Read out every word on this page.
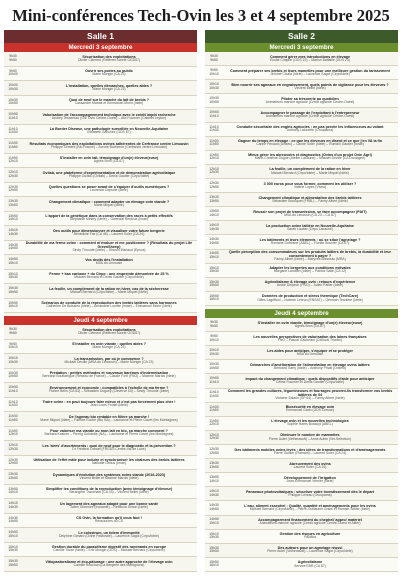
Mini-conférences Tech-Ovin les 3 et 4 septembre 2025
Salle 1
Mercredi 3 septembre
9h30
9h50
Sécurisation des exploitations
Olivier Clément (Référent sûreté GGD87)
9h50
10h00
Ouvrir ses portes au public
Marie Mongin (CA 23)
10h00
10h30
L'installation, quelles démarches, quelles aides ?
Marie Mongin (CA 23)
10h30
10h50
Quoi de neuf sur le marché du lait de brebis ?
Cassandre Matras et Emmanuel Morin (Idele)
10h50
11h10
Valorisation de l'accompagnement technique avec le crédit impôt recherche
Audrey Tessereau (GIE Ovin Centre-Ouest) – Alix Fournier (Cabinet Leyton)
11h10
11h30
La Border Disease, une pathologie surveillée en Nouvelle-Aquitaine
Elisabeth Sanchez (GDS 87)
11h30
11h50
Résultats économiques des exploitations ovines adhérentes de Cerfrance centre Limousin
Philippe Climent (Bio France) – Aurore Bucheron (Cerfrance centre Limousin)
11h50
12h10
S'installer en ovin lait, témoignage d'un(e) éleveur(euse)
Agnès Brun (CA 87)
12h10
12h30
Ovilab, une plateforme d'expérimentation et de démonstration agrivoltaïque
Philippe Guillou (Ovilab) – Denis Gautier (Cirpo/Idele)
12h30
12h50
Quelles questions se poser avant de s'équiper d'outils numériques ?
Laurence Depuille (Idele)
13h30
13h50
Changement climatique : comment adapter un élevage ovin viande ?
Marie Miquel (Idele)
13h50
14h10
L'apport de la génétique dans la conservation des races à petits effectifs
Stéphanie Minery (Idele) – Gwendal Restoux (Inrae)
14h10
14h30
Des outils pour dimensionner et visualiser votre future bergerie
Bénédicte Fax (CA 46) – Laurent Soler (CA 24)
14h30
14h50
Durabilité de ma ferme ovine : comment m'évaluer et me positionner ? (Résultats du projet Life GreenSheep)
Sindy Throude (Idele) – Sharon Marlaud (Epsos)
14h50
15h10
Vos droits dès l'installation
MSA du Limousin
15h10
15h30
Ferme + bas carbone + du Cirpo : une empreinte démontrée de 25 %
Mickael Bernard et Denis Gautier (Cirpo/Idele)
15h30
15h50
La feuille, un complément de la ration en hiver, cas de la sécheresse
Mickael Bernard (Cirpo/Idele) – Marie Miquel (Idele)
15h50
16h10
Scénarios de conduite de la reproduction des brebis laitières sans hormones
Catherine De Boissieu (Idele) – Amandine Lurette (Inrae) – Emmanuel Morin (Idele)
Jeudi 4 septembre
9h30
9h50
Sécurisation des exploitations
Olivier Clément (Référent sûreté GGD87)
9h50
10h10
S'installer en ovin viande : quelles aides ?
Marie Mongin (CA 23)
10h10
10h30
La transmission, par où je commence ?
Mickaël Deville (MSA du Limousin) – Marie Mongin (CA 23)
10h30
10h50
Prédation : petites méthodes et nouveaux barèmes d'indemnisation
Bertrand Bouffartigue (Réseau de France) – Claude Font (FNO) – Maxime Marois (Idele)
10h50
11h10
Environnement et économie : compatibles à l'échelle de ma ferme ?
Florine Belin (CA 63) – Sébastien Duguey (Cleverve 63) – Sindy Throude (Idele)
11h10
11h30
Traire ovine : en peut toujours faire mieux et c'est pas forcément plus cher !
Jean-Louis Poulet (Idele)
11h30
11h50
De l'agneau bio rentable en filière ça marche !
Marie Miquel (Idele) – Fabrice Roche (Bio NA) – Laurianne et Pierre Gavet (les Montagnes)
11h50
12h10
Pour valoriser ma viande ou mon lait en bio, ça marche comment ?
Barbara Kastner – Pierrig Gohardie (NA) – Laurianne et Pierre Gavet (les Montagnes)
12h10
12h30
Les 'aires' d'avortements : quoi de neuf pour le diagnostic et la prévention ?
Dr Frédéric Leboef (FRGDS Centre-Val de Loire)
12h30
12h50
Utilisation de l'effet mâle pour induire et synchroniser les chaleurs des brebis laitières
Nathalie Debus (Inrae)
13h30
13h50
Dynamiques d'évolution des systèmes ovins viande (2016-2023)
Vincent Bellet et Maxime Marois (Idele)
13h50
14h10
Simplifier les conditions de la reproduction (avec témoignage d'éleveur)
Bérangère Tranchant (CA 03) – Vincent Bellet (Idele)
14h10
14h30
Un logement des agneaux adapté pour une bonne santé
Julien Gimenez (Inosanté) – Rebecca Simon (Idele)
14h30
14h50
CS Ovin, la formation qu'il vous faut !
Ressources du CS
14h50
15h10
Le colostrum, un totem d'immunité
Delphine Gimard (Ovine Pastorale) – Laurence Sagot (Cirpo/Idele)
15h10
15h30
Gestion durable du parasitisme digestif des ruminants en europe
Camille Tocze (Idele) – Éric Mongin (GDS) – Mickael Bernard (Cirpo/Idele)
15h30
15h50
Vitiopastoralisme et éco-pâturage : une autre approche de l'élevage ovin
Camille Rouchon (La Bergerie des Martignons)
Salle 2
Mercredi 3 septembre
9h30
9h50
Comment gérer mes introductions en élevage
Elodie Chapon (GDS 15) – Marion Battaille (GDS 23)
9h50
10h10
Comment préparer ses brebis et leurs mamelles pour une meilleure gestion du tarissement
Jérôme Cicala (Idele) – Laurence Sagot (Cirpo/Idele)
10h10
10h30
Bien nourrir ses agneaux en engraissement, quels points de vigilance pour les éleveurs ?
Vincent Bellet (Idele)
10h30
10h50
Piloter sa trésorerie au quotidien
Animateurs marché agricole (Crédit agricole Centre-Ouest)
10h50
11h10
Accompagner le passage de l'exploitant à l'entrepreneur
Animateurs marché agricole (Crédit agricole Centre-Ouest)
11h10
11h30
Conduite sécuritaire des engins agricoles : ne pas perdre les influenceurs au volant
Anthony Lalouette (Groupama)
11h30
11h50
Gagner du temps en élevage : ce que les éleveurs en disent et ce que j'en VA la fin
Carine Pecaud (Dinsec) – Carole Soler (Idele) – Romain Gautier (Inrae)
11h50
12h10
Mieux gérer les abreuvoirs et diagnostics (Ovins d'un projet Ovin Agri)
Marie-Christine Dugué (Atelier Lacaune) – Mickaël Deville (CA Dordogne)
12h10
12h30
La feuille, un complément de la ration en hiver
Mickael Bernard (Cirpo/Idele) – Marie Miquel (Idele)
12h30
12h50
3 000 euros pour vous former, comment les utiliser ?
Valérie Lopes (Vivea)
13h30
13h50
Changement climatique et alimentation des brebis laitières
Sébastien Bousquet (FRBL) – Fanny Albert (Idele)
13h50
14h10
Réussir son projet de transmission, se faire accompagner (PAIT)
MSA du Limousin (CA 23 – CA 87)
14h10
14h30
La production ovine laitière en Nouvelle-Aquitaine
Sarah Lauber (Cirpo Lacaune)
14h30
14h50
Les bâtiments et leurs éléments : où se situe l'agnelage ?
Romane Dufresne (ABEL) – Florian Bouvier (CA 87)
14h50
15h10
Quelle perception des consommateurs sur les produits laitiers de brebis, la durabilité et leur consentement à payer ?
Fanny Albert (Idele) – Maryvés Bonneau (MRA)
15h10
15h30
Adapter les bergeries aux conditions estivales
Morgane Lambert (Idele) – Patrick Sallé (CA 12)
15h30
15h50
Agrivoltaïsme & élevage ovin : retours d'expérience
André Delpech (FNO) – Julien Pallier (Idele)
15h50
16h10
Données de production et stress thermique (TechCare)
Gilles Lagriffoul – Noémie Lebrun (ENSAT) – Germain Tesnière (Idele)
Jeudi 4 septembre
9h30
9h50
S'installer en ovin viande, témoignage d'un(e) éleveur(euse)
Agnès Brun (CA 87)
9h50
10h10
Les nouvelles perspectives de valorisation des laines françaises
FNO – Pascal Gautreaut (Celloval Tricotin)
10h10
10h30
Les aides pour anticiper, s'équiper et se protéger
MSA du Limousin
10h30
10h50
Démarches d'amélioration de l'alimentation en élevage ovins laitiers
Bertrand Sarry (Idele) – Anthony Privat (Ovitest)
10h50
11h10
Impact du changement climatique : quels dispositifs d'aide pour anticiper
Céline Fournier et Denis Gautier (Cirpo/Idele)
11h10
11h30
Comment les grandes cultures, légumineuses et fourrages peuvent-ils transformer vos brebis laitières de 04
Violaine Salaün (SP 64) – Fanny Albert (Idele)
11h30
11h50
Biosécurité en élevage ovin
Emmanuel Garin (GDS Creuse)
11h50
12h10
L'élevage ovin et les nouvelles technologies
Sophie Harris Bossuyt (ABEL)
12h10
12h30
Diminuer le nombre de mammites
Pierre Autef (Vetherasoft) – Anne Aubin (Vet-Selection)
12h30
12h50
Des bâtiments mobiles ovins levés : des idées de transformations et d'aménagements
Pierre Guillier (Flamant) – Laurent Soler (CA 24)
13h30
13h50
Abreuvement des ovins
Laurent Soler (CA 24)
13h50
14h10
Développement de l'irrigation
Jean-Emmanuel Vernier (Idele)
14h10
14h30
Panneaux photovoltaïques : sécuriser votre investissement dès le départ
Philippe Leveau (Groupama)
14h30
14h50
L'eau, aliment essentiel : Qualité, quantité et aménagements pour les ovins
Mickael Bernard (Cirpo/Idele) – Pierre-Guillaume Grisel et Romain Sellier (Idele)
14h50
15h10
Accompagnement financement du chephel/ appro/ matériel
Animateurs marché agricole (Crédit agricole Centre-Ouest et Atlter)
15h10
15h30
Gestion des risques en agriculture
Pacifica
15h30
15h50
Des auteurs pour un agnelage réussi
Pierre Autef (Vetherasoft) – Laurence Sagot (Cirpo/Idele)
15h50
16h10
Agrivoltaïsme
Service EBR (CA 87)
